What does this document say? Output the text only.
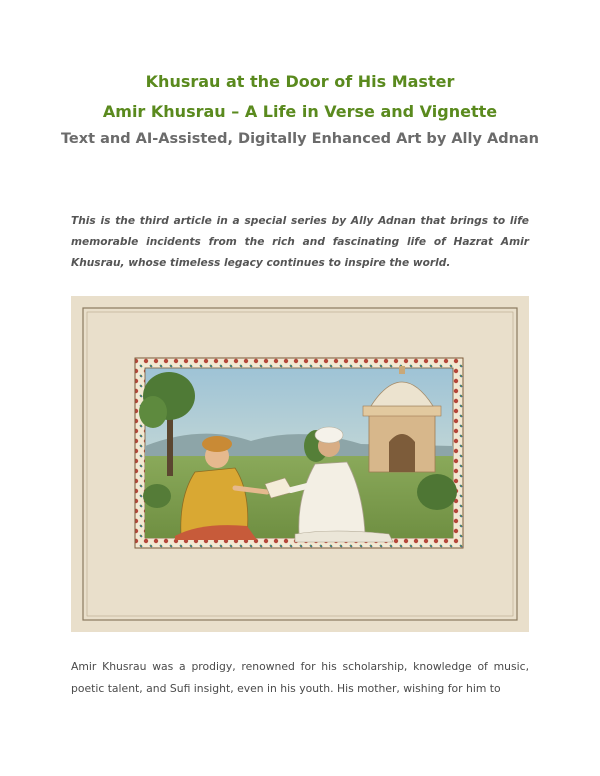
Khusrau at the Door of His Master
Amir Khusrau – A Life in Verse and Vignette
Text and AI-Assisted, Digitally Enhanced Art by Ally Adnan
This is the third article in a special series by Ally Adnan that brings to life memorable incidents from the rich and fascinating life of Hazrat Amir Khusrau, whose timeless legacy continues to inspire the world.
Amir Khusrau was a prodigy, renowned for his scholarship, knowledge of music, poetic talent, and Sufi insight, even in his youth. His mother, wishing for him to
